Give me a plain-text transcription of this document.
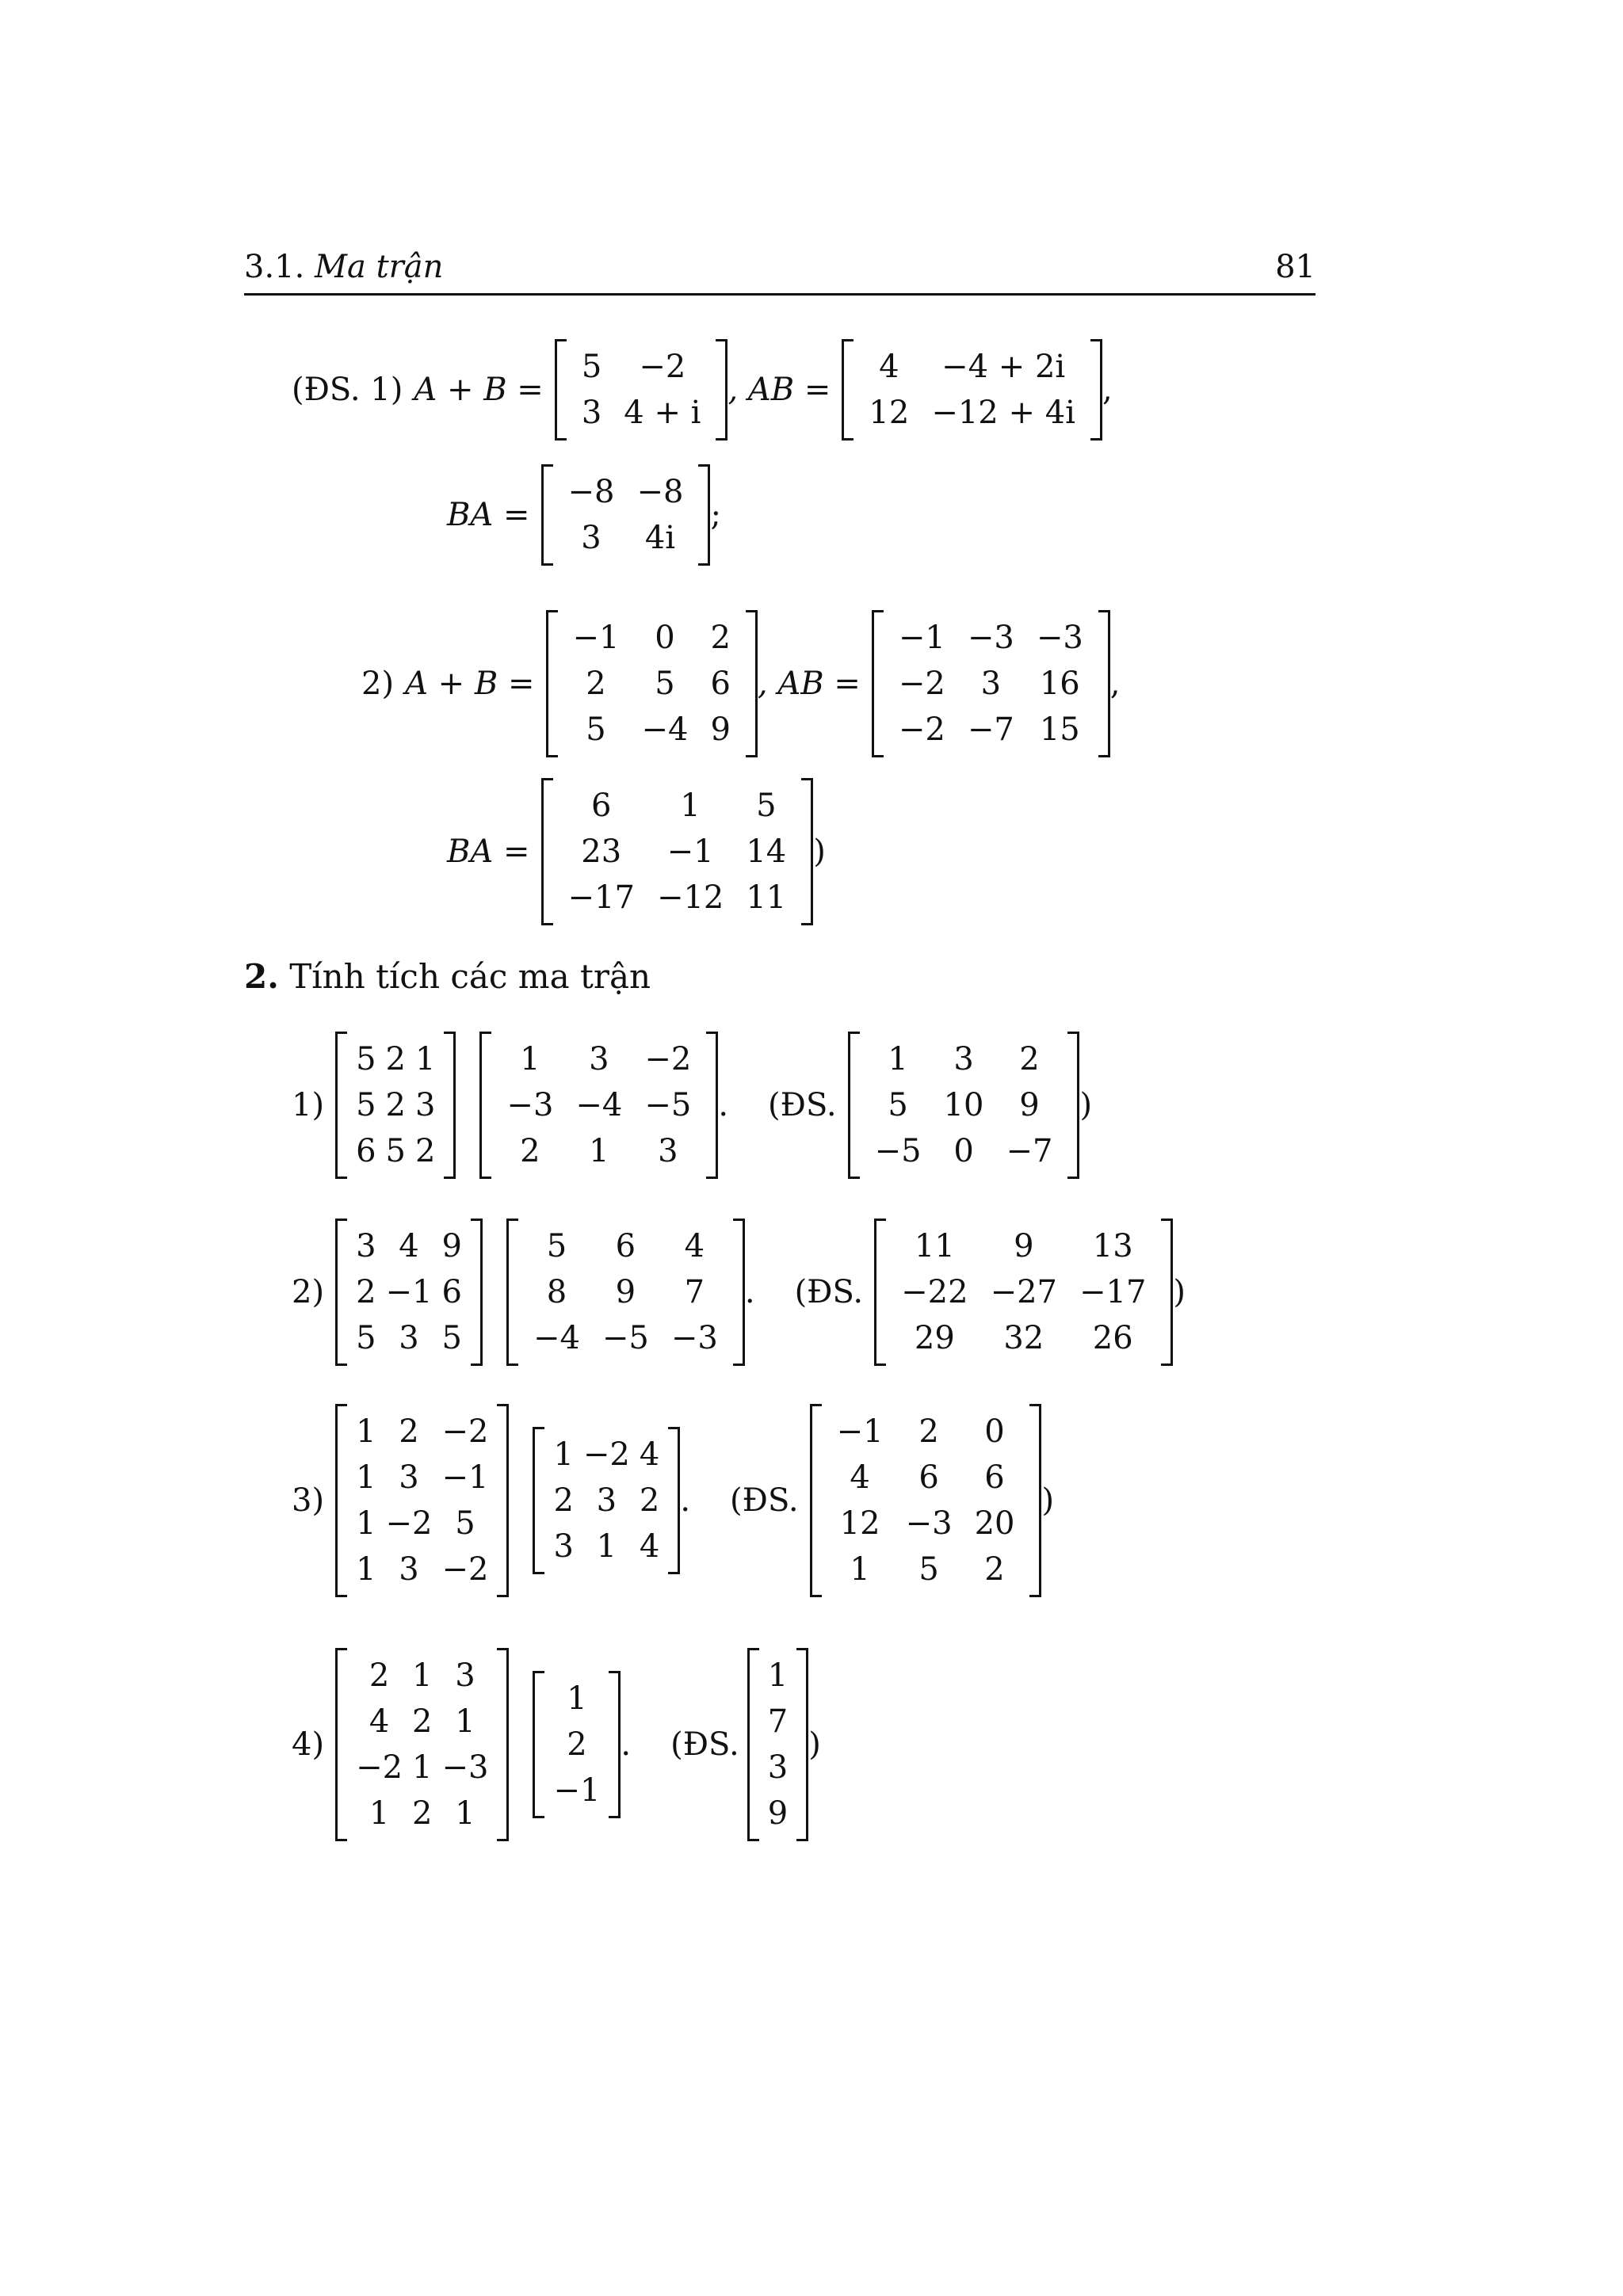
3.1. Ma trận	81
(ĐS. 1) A + B =
5	−2
3	4 + i
, AB =
4	−4 + 2i
12	−12 + 4i
,
BA =
−8	−8
3	4i
;
2) A + B =
−1	0	2
2	5	6
5	−4	9
, AB =
−1	−3	−3
−2	3	16
−2	−7	15
,
BA =
6	1	5
23	−1	14
−17	−12	11
)
2. Tính tích các ma trận
1)
5	2	1
5	2	3
6	5	2
1	3	−2
−3	−4	−5
2	1	3
. (ĐS.
1	3	2
5	10	9
−5	0	−7
)
2)
3	4	9
2	−1	6
5	3	5
5	6	4
8	9	7
−4	−5	−3
. (ĐS.
11	9	13
−22	−27	−17
29	32	26
)
3)
1	2	−2
1	3	−1
1	−2	5
1	3	−2
1	−2	4
2	3	2
3	1	4
. (ĐS.
−1	2	0
4	6	6
12	−3	20
1	5	2
)
4)
2	1	3
4	2	1
−2	1	−3
1	2	1
1
2
−1
. (ĐS.
1
7
3
9
)
